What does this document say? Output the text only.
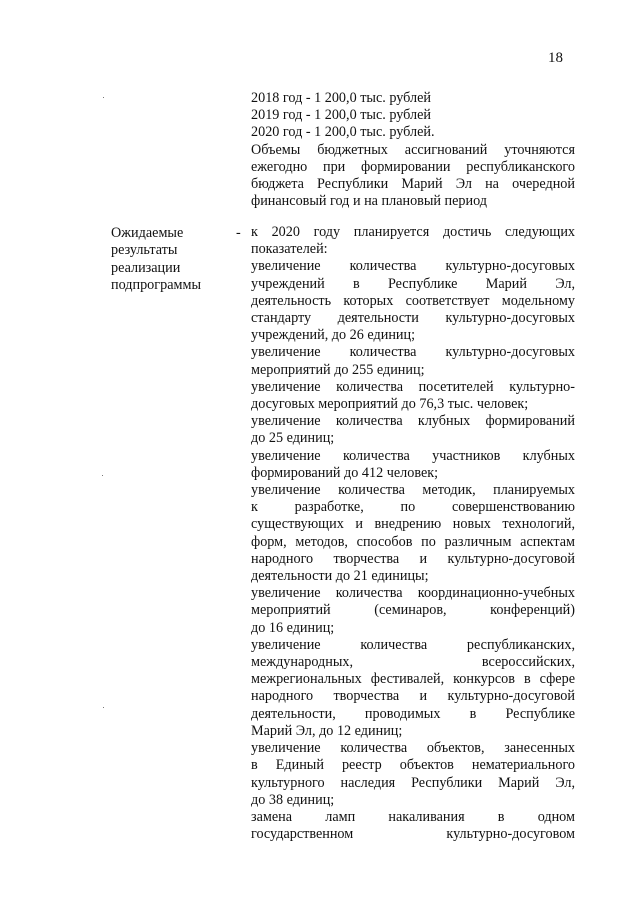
18
2018 год - 1 200,0 тыс. рублей
2019 год - 1 200,0 тыс. рублей
2020 год - 1 200,0 тыс. рублей.
Объемы бюджетных ассигнований уточняются
ежегодно при формировании республиканского
бюджета Республики Марий Эл на очередной
финансовый год и на плановый период
Ожидаемые
результаты
реализации
подпрограммы
- к 2020 году планируется достичь следующих
показателей:
увеличение количества культурно-досуговых
учреждений в Республике Марий Эл,
деятельность которых соответствует модельному
стандарту деятельности культурно-досуговых
учреждений, до 26 единиц;
увеличение количества культурно-досуговых
мероприятий до 255 единиц;
увеличение количества посетителей культурно-
досуговых мероприятий до 76,3 тыс. человек;
увеличение количества клубных формирований
до 25 единиц;
увеличение количества участников клубных
формирований до 412 человек;
увеличение количества методик, планируемых
к разработке, по совершенствованию
существующих и внедрению новых технологий,
форм, методов, способов по различным аспектам
народного творчества и культурно-досуговой
деятельности до 21 единицы;
увеличение количества координационно-учебных
мероприятий (семинаров, конференций)
до 16 единиц;
увеличение количества республиканских,
международных, всероссийских,
межрегиональных фестивалей, конкурсов в сфере
народного творчества и культурно-досуговой
деятельности, проводимых в Республике
Марий Эл, до 12 единиц;
увеличение количества объектов, занесенных
в Единый реестр объектов нематериального
культурного наследия Республики Марий Эл,
до 38 единиц;
замена ламп накаливания в одном
государственном культурно-досуговом
